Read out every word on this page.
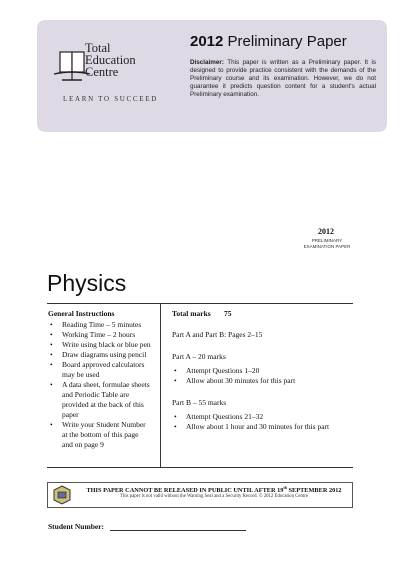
Total
Education
Centre
LEARN TO SUCCEED
2012 Preliminary Paper
Disclaimer: This paper is written as a Preliminary paper. It is designed to provide practice consistent with the demands of the Preliminary course and its examination. However, we do not guarantee it predicts question content for a student's actual Preliminary examination.
2012
PRELIMINARY
EXAMINATION PAPER
Physics
General Instructions
• Reading Time – 5 minutes
• Working Time – 2 hours
• Write using black or blue pen
• Draw diagrams using pencil
• Board approved calculators
may be used
• A data sheet, formulae sheets
and Periodic Table are
provided at the back of this
paper
• Write your Student Number
at the bottom of this page
and on page 9
Total marks 75
Part A and Part B: Pages 2–15
Part A – 20 marks
• Attempt Questions 1–20
• Allow about 30 minutes for this part
Part B – 55 marks
• Attempt Questions 21–32
• Allow about 1 hour and 30 minutes for this part
THIS PAPER CANNOT BE RELEASED IN PUBLIC UNTIL AFTER 19th SEPTEMBER 2012
This paper is not valid without the Warning Seal and a Security Record. © 2012 Education Centre
Student Number:
